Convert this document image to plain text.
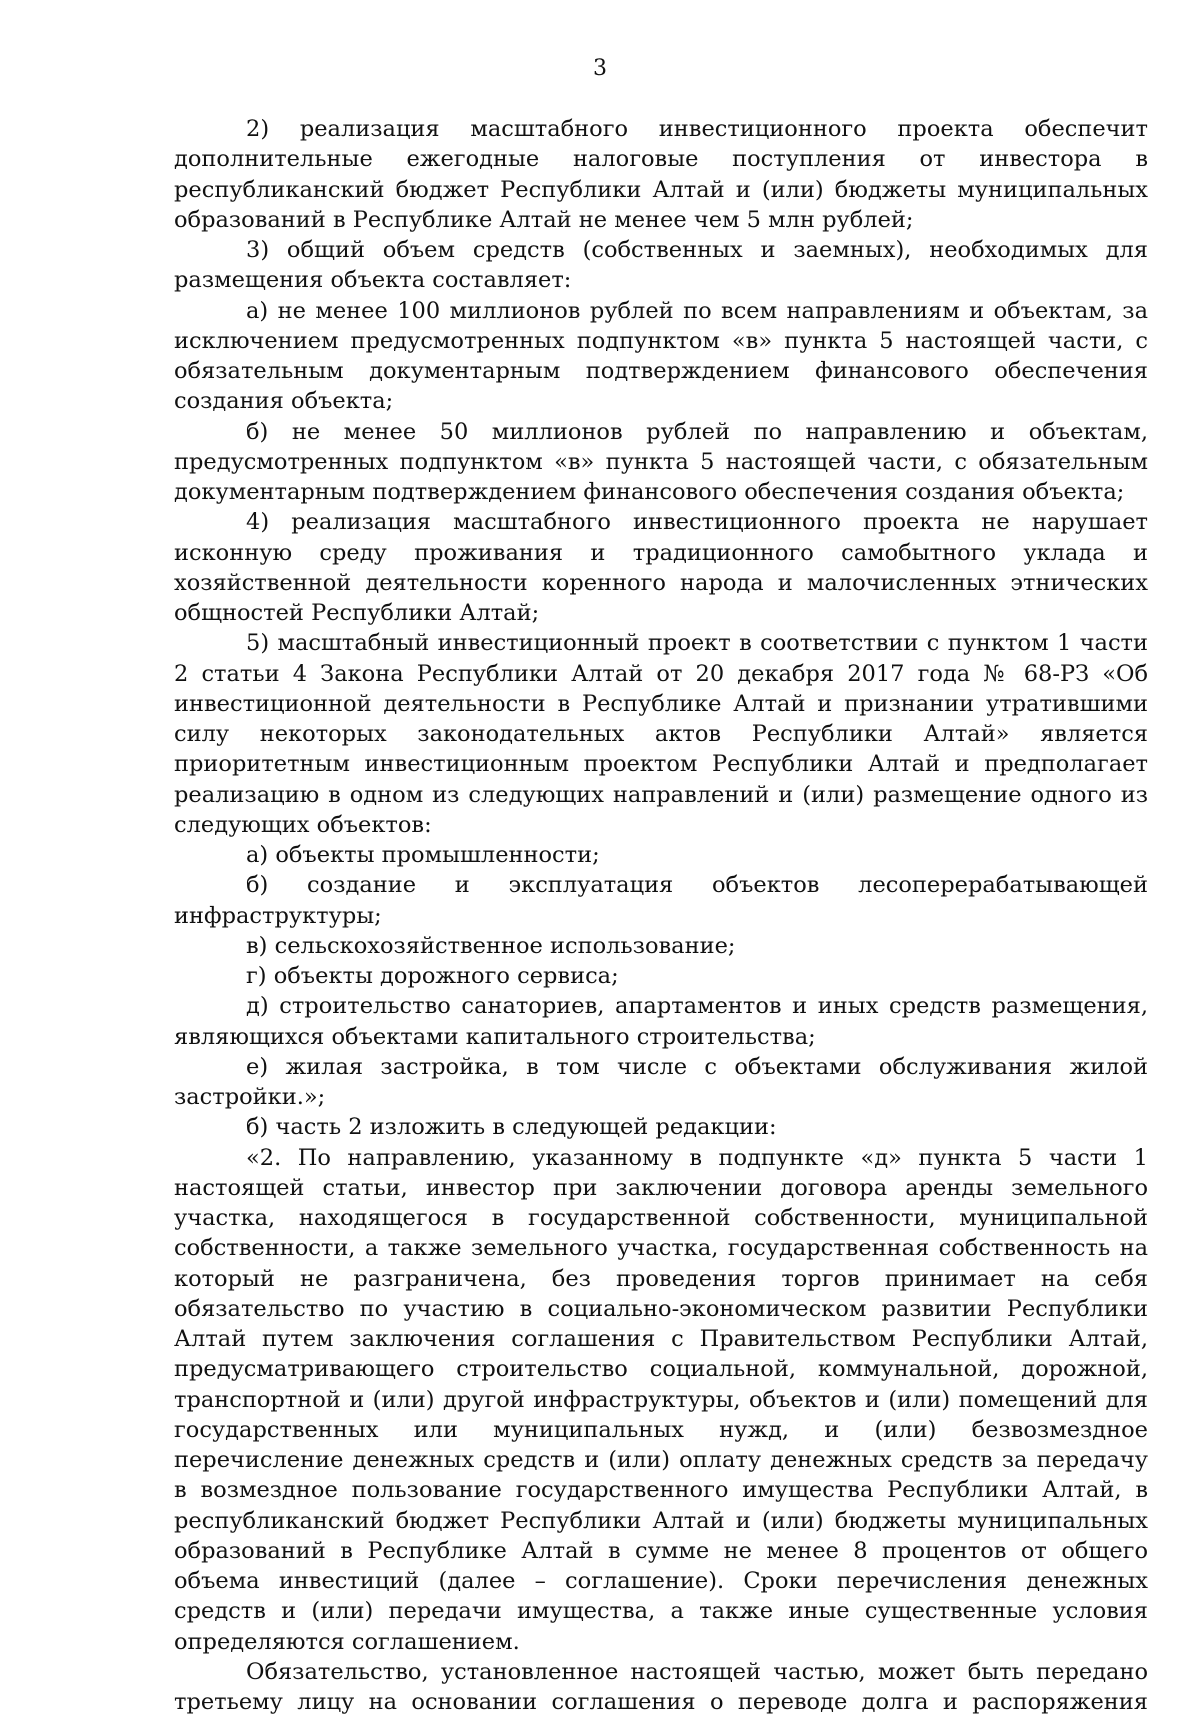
3

2) реализация масштабного инвестиционного проекта обеспечит дополнительные ежегодные налоговые поступления от инвестора в республиканский бюджет Республики Алтай и (или) бюджеты муниципальных образований в Республике Алтай не менее чем 5 млн рублей;

3) общий объем средств (собственных и заемных), необходимых для размещения объекта составляет:

а) не менее 100 миллионов рублей по всем направлениям и объектам, за исключением предусмотренных подпунктом «в» пункта 5 настоящей части, с обязательным документарным подтверждением финансового обеспечения создания объекта;

б) не менее 50 миллионов рублей по направлению и объектам, предусмотренных подпунктом «в» пункта 5 настоящей части, с обязательным документарным подтверждением финансового обеспечения создания объекта;

4) реализация масштабного инвестиционного проекта не нарушает исконную среду проживания и традиционного самобытного уклада и хозяйственной деятельности коренного народа и малочисленных этнических общностей Республики Алтай;

5) масштабный инвестиционный проект в соответствии с пунктом 1 части 2 статьи 4 Закона Республики Алтай от 20 декабря 2017 года № 68-РЗ «Об инвестиционной деятельности в Республике Алтай и признании утратившими силу некоторых законодательных актов Республики Алтай» является приоритетным инвестиционным проектом Республики Алтай и предполагает реализацию в одном из следующих направлений и (или) размещение одного из следующих объектов:

а) объекты промышленности;

б) создание и эксплуатация объектов лесоперерабатывающей инфраструктуры;

в) сельскохозяйственное использование;

г) объекты дорожного сервиса;

д) строительство санаториев, апартаментов и иных средств размещения, являющихся объектами капитального строительства;

е) жилая застройка, в том числе с объектами обслуживания жилой застройки.»;

б) часть 2 изложить в следующей редакции:

«2. По направлению, указанному в подпункте «д» пункта 5 части 1 настоящей статьи, инвестор при заключении договора аренды земельного участка, находящегося в государственной собственности, муниципальной собственности, а также земельного участка, государственная собственность на который не разграничена, без проведения торгов принимает на себя обязательство по участию в социально-экономическом развитии Республики Алтай путем заключения соглашения с Правительством Республики Алтай, предусматривающего строительство социальной, коммунальной, дорожной, транспортной и (или) другой инфраструктуры, объектов и (или) помещений для государственных или муниципальных нужд, и (или) безвозмездное перечисление денежных средств и (или) оплату денежных средств за передачу в возмездное пользование государственного имущества Республики Алтай, в республиканский бюджет Республики Алтай и (или) бюджеты муниципальных образований в Республике Алтай в сумме не менее 8 процентов от общего объема инвестиций (далее – соглашение). Сроки перечисления денежных средств и (или) передачи имущества, а также иные существенные условия определяются соглашением.

Обязательство, установленное настоящей частью, может быть передано третьему лицу на основании соглашения о переводе долга и распоряжения
